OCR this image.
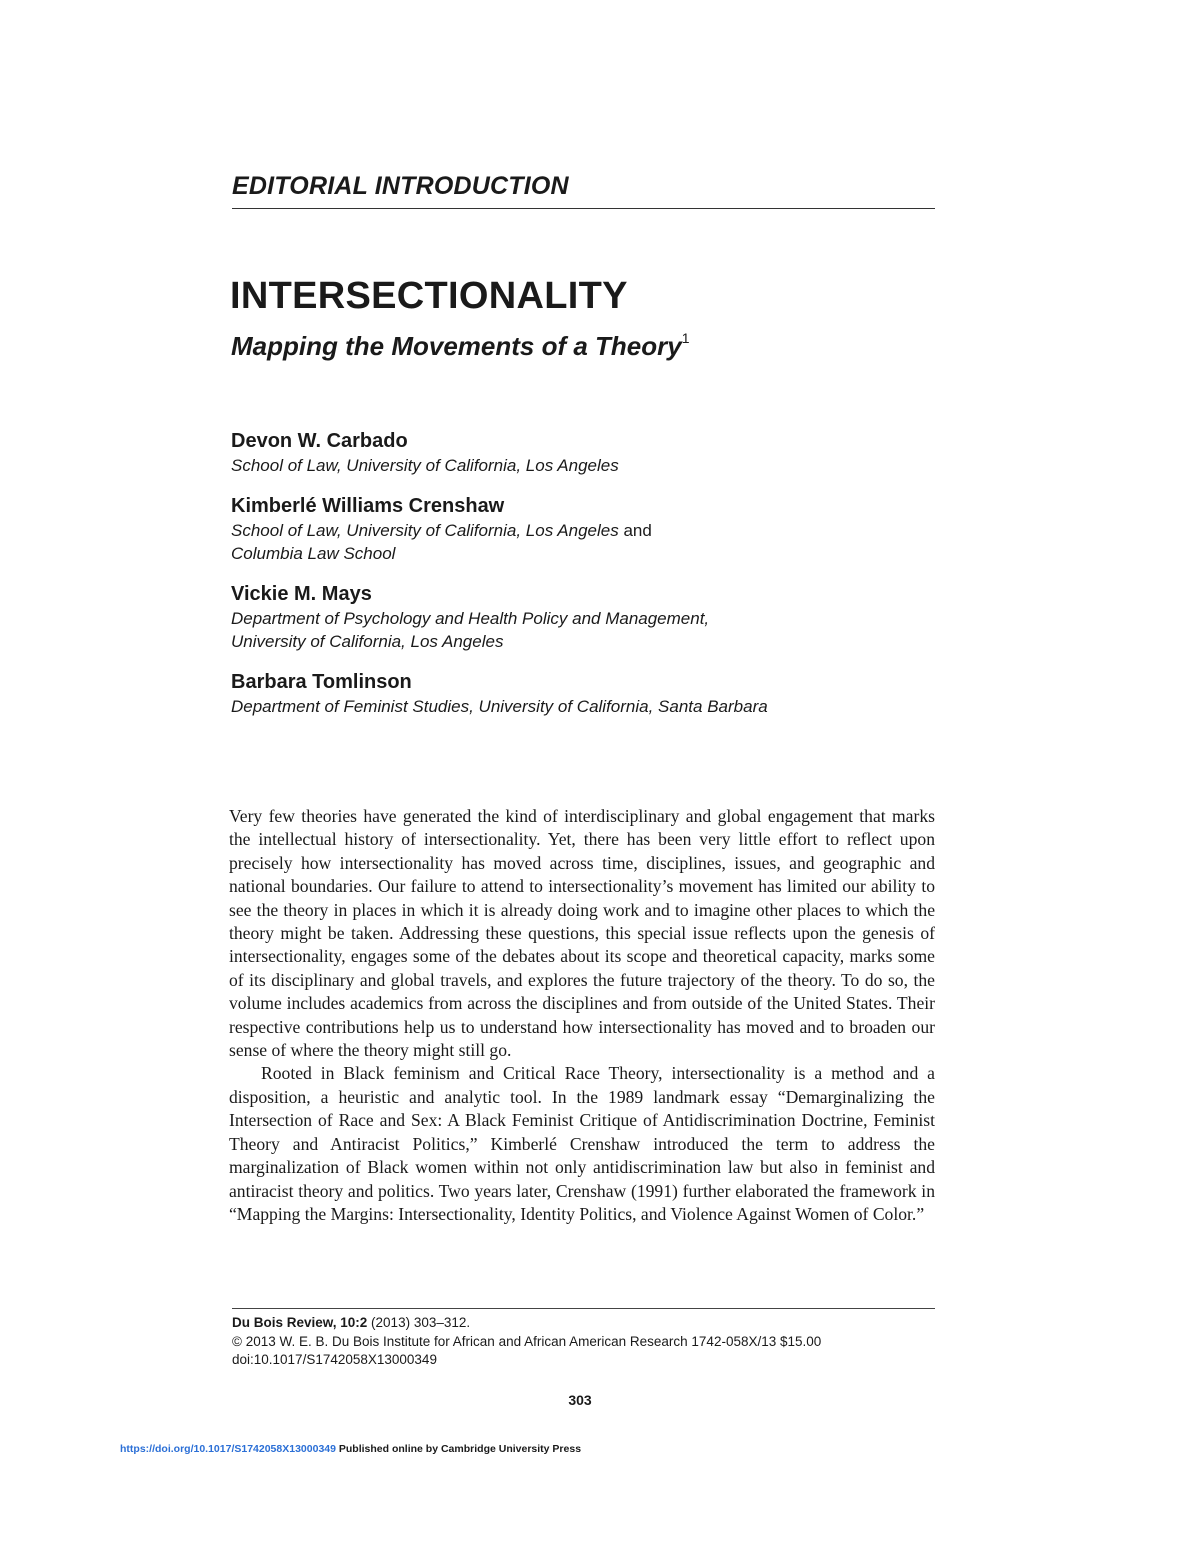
EDITORIAL INTRODUCTION
INTERSECTIONALITY
Mapping the Movements of a Theory$^1$
Devon W. Carbado
School of Law, University of California, Los Angeles
Kimberlé Williams Crenshaw
School of Law, University of California, Los Angeles and
Columbia Law School
Vickie M. Mays
Department of Psychology and Health Policy and Management,
University of California, Los Angeles
Barbara Tomlinson
Department of Feminist Studies, University of California, Santa Barbara

Very few theories have generated the kind of interdisciplinary and global engagement that marks the intellectual history of intersectionality. Yet, there has been very little effort to reflect upon precisely how intersectionality has moved across time, disciplines, issues, and geographic and national boundaries. Our failure to attend to intersectionality’s movement has limited our ability to see the theory in places in which it is already doing work and to imagine other places to which the theory might be taken. Addressing these questions, this special issue reflects upon the genesis of intersectionality, engages some of the debates about its scope and theoretical capacity, marks some of its disciplinary and global travels, and explores the future trajectory of the theory. To do so, the volume includes academics from across the disciplines and from outside of the United States. Their respective contributions help us to understand how intersectionality has moved and to broaden our sense of where the theory might still go.

Rooted in Black feminism and Critical Race Theory, intersectionality is a method and a disposition, a heuristic and analytic tool. In the 1989 landmark essay “Demarginalizing the Intersection of Race and Sex: A Black Feminist Critique of Antidiscrimination Doctrine, Feminist Theory and Antiracist Politics,” Kimberlé Crenshaw introduced the term to address the marginalization of Black women within not only antidiscrimination law but also in feminist and antiracist theory and politics. Two years later, Crenshaw (1991) further elaborated the framework in “Mapping the Margins: Intersectionality, Identity Politics, and Violence Against Women of Color.”

Du Bois Review, 10:2 (2013) 303–312.
© 2013 W. E. B. Du Bois Institute for African and African American Research 1742-058X/13 $15.00
doi:10.1017/S1742058X13000349
303
https://doi.org/10.1017/S1742058X13000349 Published online by Cambridge University Press
